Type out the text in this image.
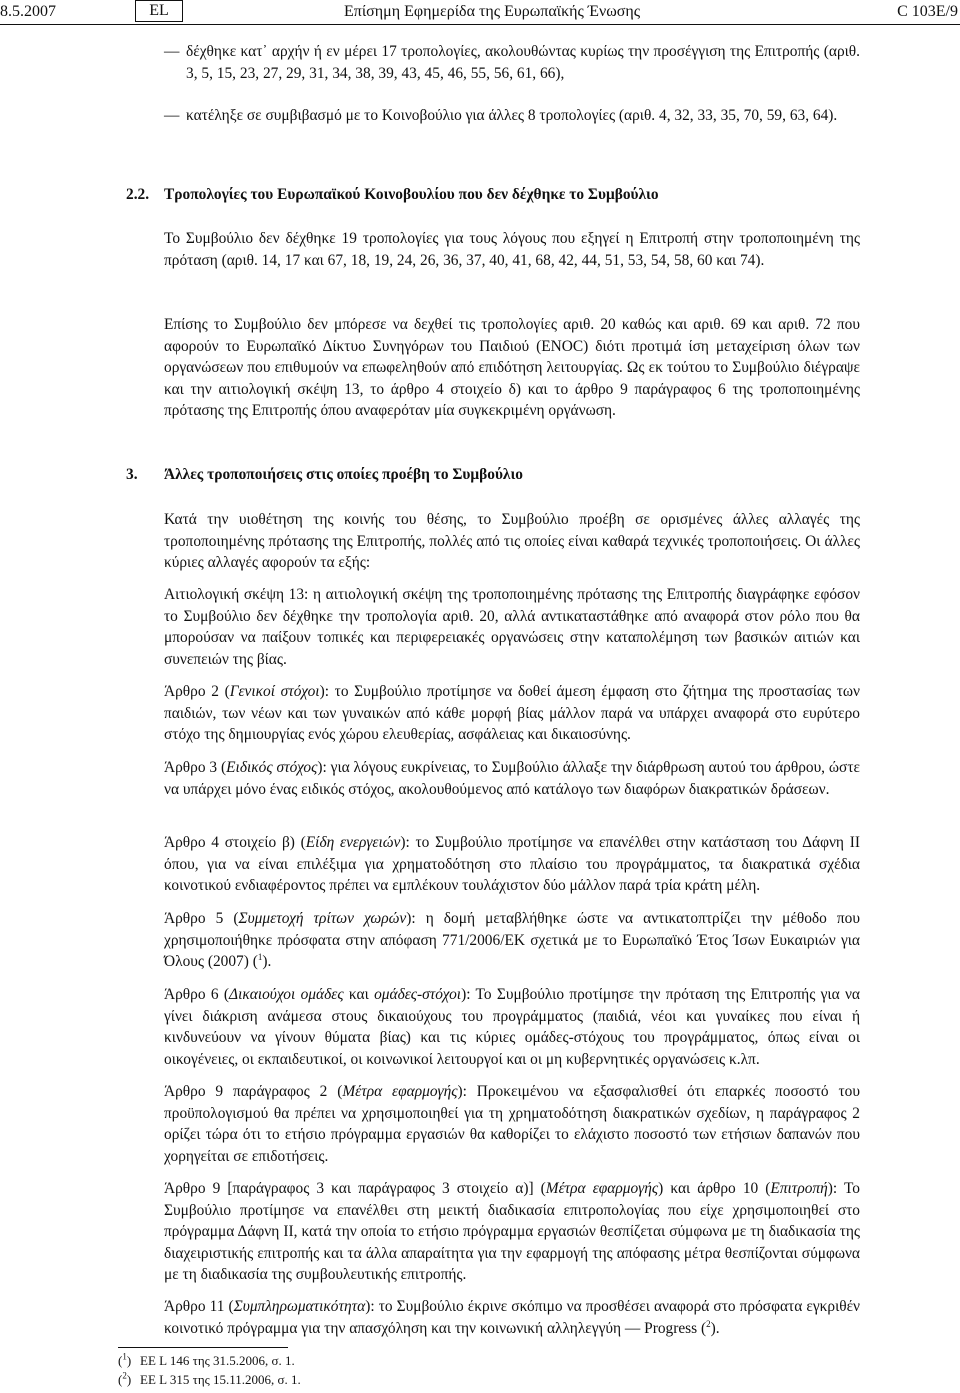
8.5.2007	EL	Επίσημη Εφημερίδα της Ευρωπαϊκής Ένωσης	C 103Ε/9
— δέχθηκε κατ᾽ αρχήν ή εν μέρει 17 τροπολογίες, ακολουθώντας κυρίως την προσέγγιση της Επιτροπής (αριθ. 3, 5, 15, 23, 27, 29, 31, 34, 38, 39, 43, 45, 46, 55, 56, 61, 66),
— κατέληξε σε συμβιβασμό με το Κοινοβούλιο για άλλες 8 τροπολογίες (αριθ. 4, 32, 33, 35, 70, 59, 63, 64).
2.2. Τροπολογίες του Ευρωπαϊκού Κοινοβουλίου που δεν δέχθηκε το Συμβούλιο

Το Συμβούλιο δεν δέχθηκε 19 τροπολογίες για τους λόγους που εξηγεί η Επιτροπή στην τροποποιημένη της πρόταση (αριθ. 14, 17 και 67, 18, 19, 24, 26, 36, 37, 40, 41, 68, 42, 44, 51, 53, 54, 58, 60 και 74).

Επίσης το Συμβούλιο δεν μπόρεσε να δεχθεί τις τροπολογίες αριθ. 20 καθώς και αριθ. 69 και αριθ. 72 που αφορούν το Ευρωπαϊκό Δίκτυο Συνηγόρων του Παιδιού (ENOC) διότι προτιμά ίση μεταχείριση όλων των οργανώσεων που επιθυμούν να επωφεληθούν από επιδότηση λειτουργίας. Ως εκ τούτου το Συμβούλιο διέγραψε και την αιτιολογική σκέψη 13, το άρθρο 4 στοιχείο δ) και το άρθρο 9 παράγραφος 6 της τροποποιημένης πρότασης της Επιτροπής όπου αναφερόταν μία συγκεκριμένη οργάνωση.

3. Άλλες τροποποιήσεις στις οποίες προέβη το Συμβούλιο

Κατά την υιοθέτηση της κοινής του θέσης, το Συμβούλιο προέβη σε ορισμένες άλλες αλλαγές της τροποποιημένης πρότασης της Επιτροπής, πολλές από τις οποίες είναι καθαρά τεχνικές τροποποιήσεις. Οι άλλες κύριες αλλαγές αφορούν τα εξής:

Αιτιολογική σκέψη 13: η αιτιολογική σκέψη της τροποποιημένης πρότασης της Επιτροπής διαγράφηκε εφόσον το Συμβούλιο δεν δέχθηκε την τροπολογία αριθ. 20, αλλά αντικαταστάθηκε από αναφορά στον ρόλο που θα μπορούσαν να παίξουν τοπικές και περιφερειακές οργανώσεις στην καταπολέμηση των βασικών αιτιών και συνεπειών της βίας.

Άρθρο 2 (Γενικοί στόχοι): το Συμβούλιο προτίμησε να δοθεί άμεση έμφαση στο ζήτημα της προστασίας των παιδιών, των νέων και των γυναικών από κάθε μορφή βίας μάλλον παρά να υπάρχει αναφορά στο ευρύτερο στόχο της δημιουργίας ενός χώρου ελευθερίας, ασφάλειας και δικαιοσύνης.

Άρθρο 3 (Ειδικός στόχος): για λόγους ευκρίνειας, το Συμβούλιο άλλαξε την διάρθρωση αυτού του άρθρου, ώστε να υπάρχει μόνο ένας ειδικός στόχος, ακολουθούμενος από κατάλογο των διαφόρων διακρατικών δράσεων.

Άρθρο 4 στοιχείο β) (Είδη ενεργειών): το Συμβούλιο προτίμησε να επανέλθει στην κατάσταση του Δάφνη ΙΙ όπου, για να είναι επιλέξιμα για χρηματοδότηση στο πλαίσιο του προγράμματος, τα διακρατικά σχέδια κοινοτικού ενδιαφέροντος πρέπει να εμπλέκουν τουλάχιστον δύο μάλλον παρά τρία κράτη μέλη.

Άρθρο 5 (Συμμετοχή τρίτων χωρών): η δομή μεταβλήθηκε ώστε να αντικατοπτρίζει την μέθοδο που χρησιμοποιήθηκε πρόσφατα στην απόφαση 771/2006/ΕΚ σχετικά με το Ευρωπαϊκό Έτος Ίσων Ευκαιριών για Όλους (2007) ($^1$).

Άρθρο 6 (Δικαιούχοι ομάδες και ομάδες-στόχοι): Το Συμβούλιο προτίμησε την πρόταση της Επιτροπής για να γίνει διάκριση ανάμεσα στους δικαιούχους του προγράμματος (παιδιά, νέοι και γυναίκες που είναι ή κινδυνεύουν να γίνουν θύματα βίας) και τις κύριες ομάδες-στόχους του προγράμματος, όπως είναι οι οικογένειες, οι εκπαιδευτικοί, οι κοινωνικοί λειτουργοί και οι μη κυβερνητικές οργανώσεις κ.λπ.

Άρθρο 9 παράγραφος 2 (Μέτρα εφαρμογής): Προκειμένου να εξασφαλισθεί ότι επαρκές ποσοστό του προϋπολογισμού θα πρέπει να χρησιμοποιηθεί για τη χρηματοδότηση διακρατικών σχεδίων, η παράγραφος 2 ορίζει τώρα ότι το ετήσιο πρόγραμμα εργασιών θα καθορίζει το ελάχιστο ποσοστό των ετήσιων δαπανών που χορηγείται σε επιδοτήσεις.

Άρθρο 9 [παράγραφος 3 και παράγραφος 3 στοιχείο α)] (Μέτρα εφαρμογής) και άρθρο 10 (Επιτροπή): Το Συμβούλιο προτίμησε να επανέλθει στη μεικτή διαδικασία επιτροπολογίας που είχε χρησιμοποιηθεί στο πρόγραμμα Δάφνη ΙΙ, κατά την οποία το ετήσιο πρόγραμμα εργασιών θεσπίζεται σύμφωνα με τη διαδικασία της διαχειριστικής επιτροπής και τα άλλα απαραίτητα για την εφαρμογή της απόφασης μέτρα θεσπίζονται σύμφωνα με τη διαδικασία της συμβουλευτικής επιτροπής.

Άρθρο 11 (Συμπληρωματικότητα): το Συμβούλιο έκρινε σκόπιμο να προσθέσει αναφορά στο πρόσφατα εγκριθέν κοινοτικό πρόγραμμα για την απασχόληση και την κοινωνική αλληλεγγύη — Progress ($^2$).

($^1$) ΕΕ L 146 της 31.5.2006, σ. 1.
($^2$) ΕΕ L 315 της 15.11.2006, σ. 1.
